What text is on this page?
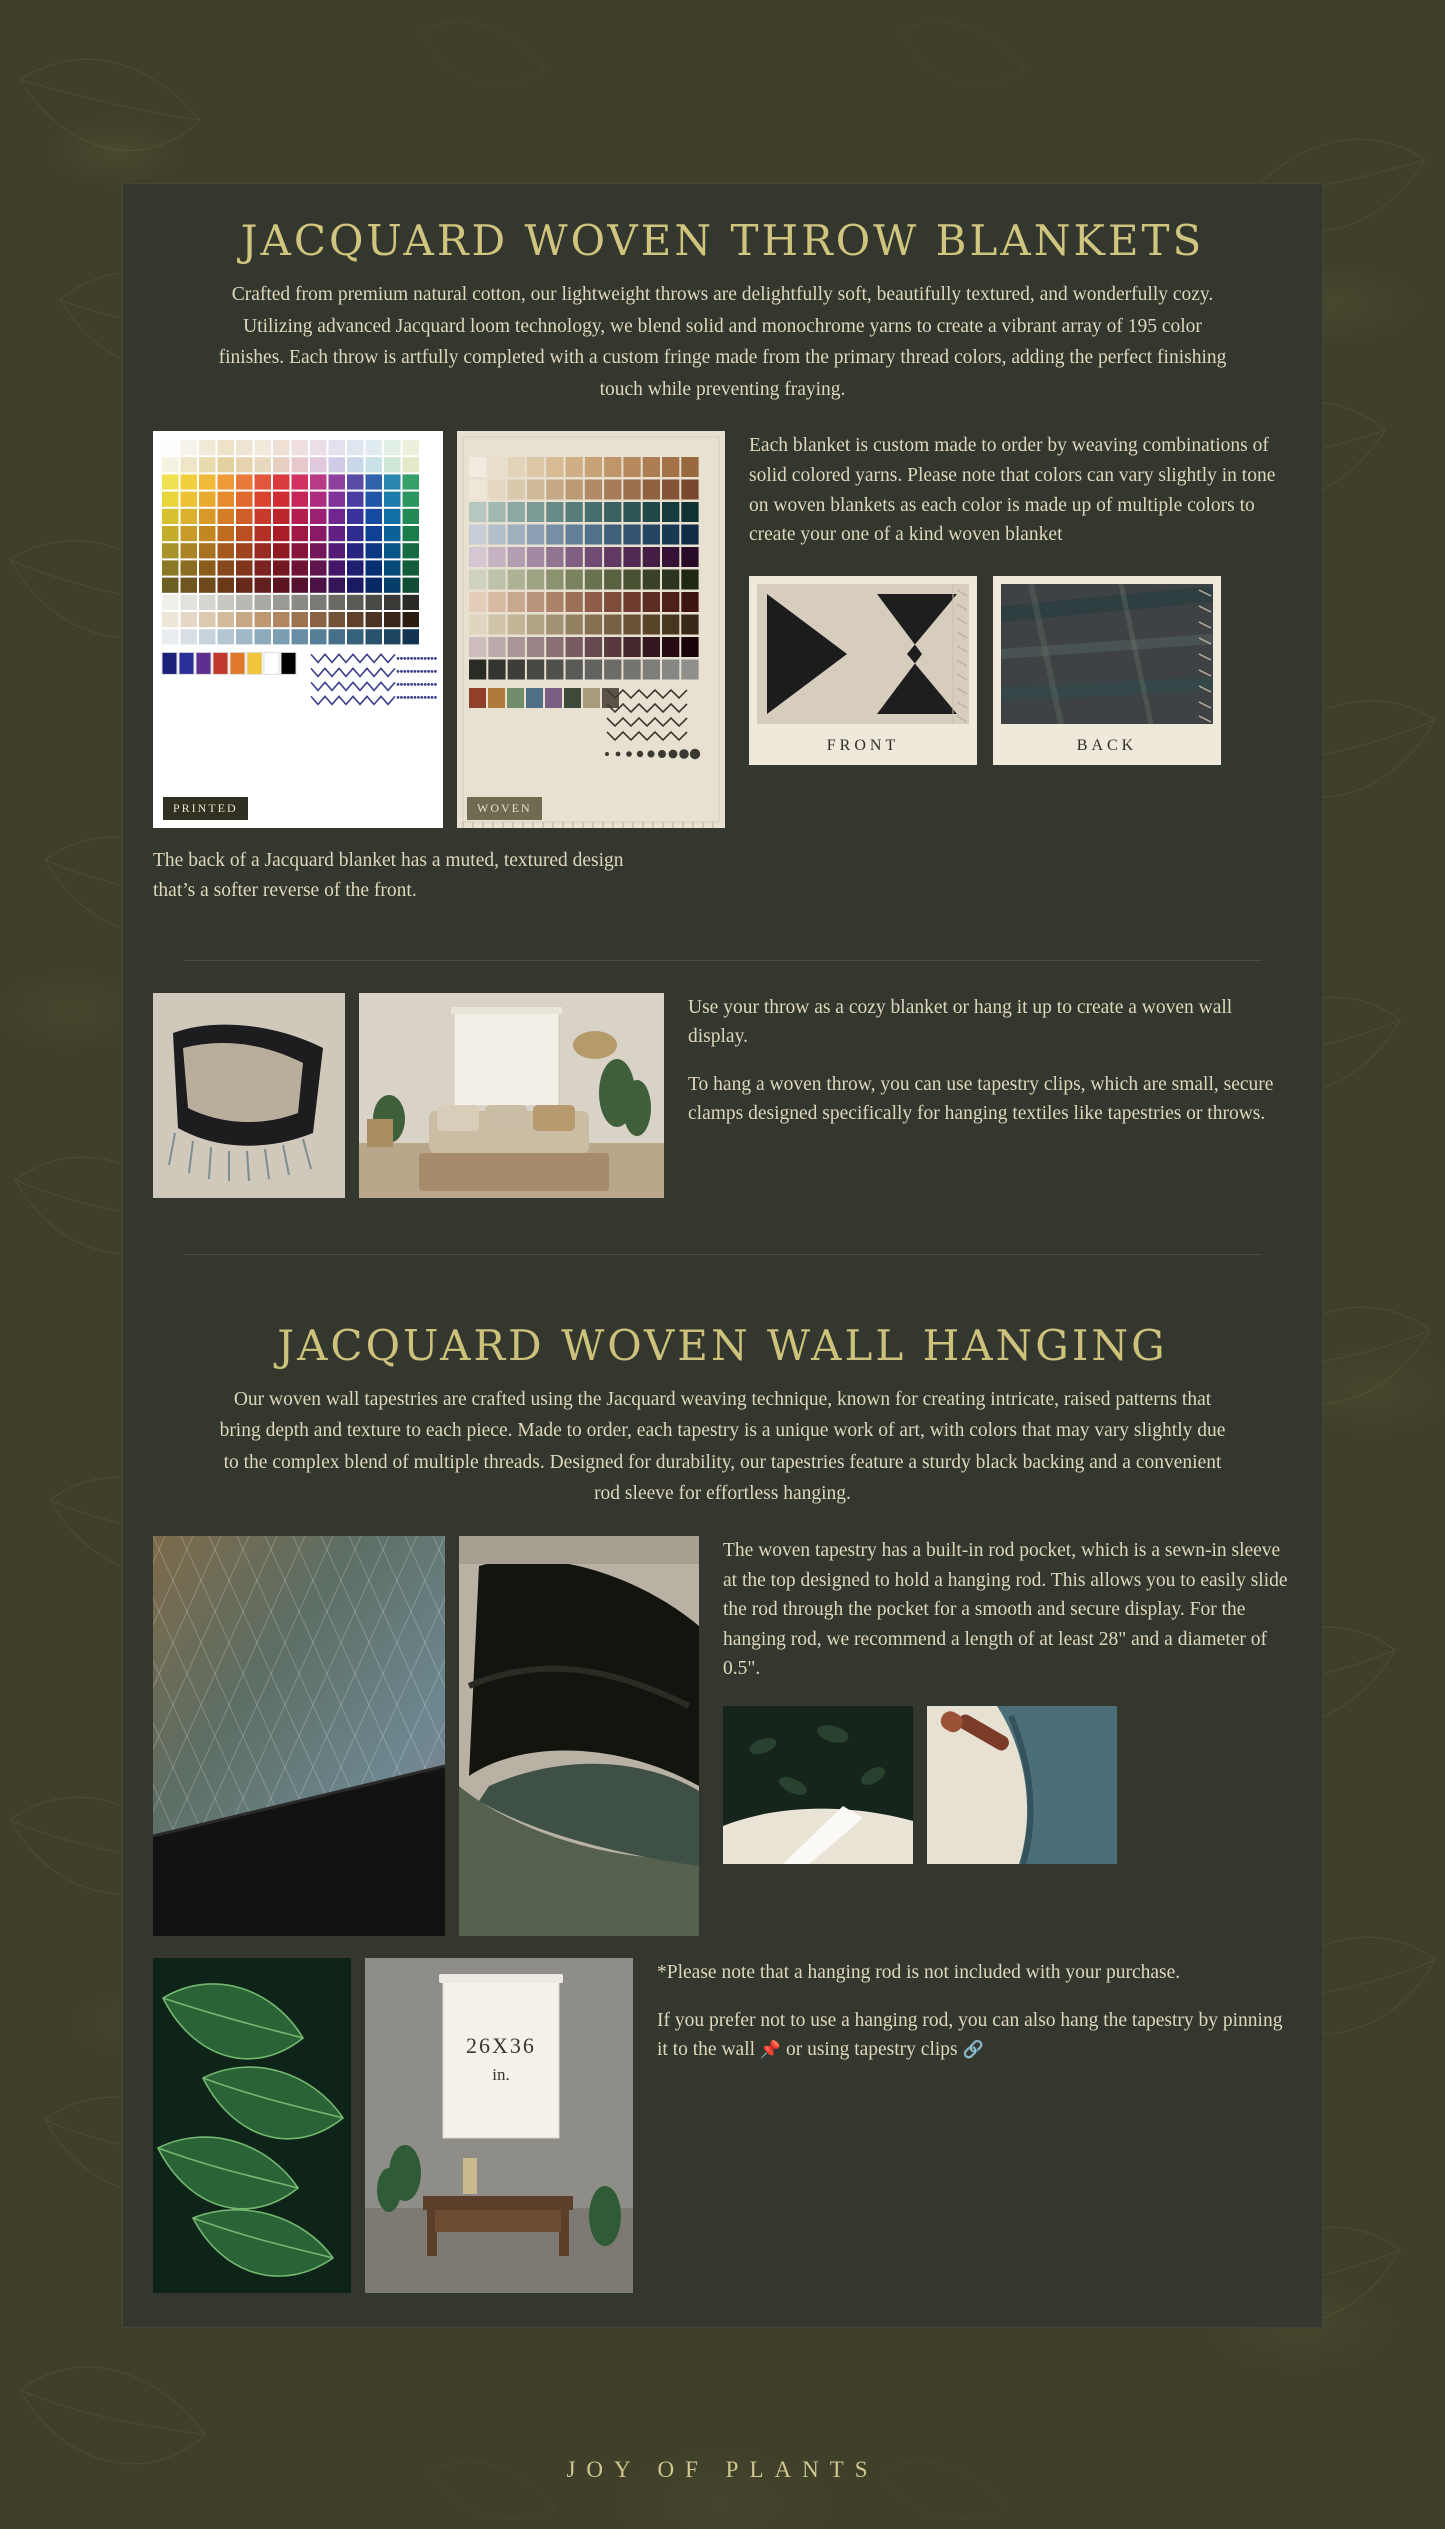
JACQUARD WOVEN THROW BLANKETS
Crafted from premium natural cotton, our lightweight throws are delightfully soft, beautifully textured, and wonderfully cozy. Utilizing advanced Jacquard loom technology, we blend solid and monochrome yarns to create a vibrant array of 195 color finishes. Each throw is artfully completed with a custom fringe made from the primary thread colors, adding the perfect finishing touch while preventing fraying.
PRINTED	WOVEN
Each blanket is custom made to order by weaving combinations of solid colored yarns. Please note that colors can vary slightly in tone on woven blankets as each color is made up of multiple colors to create your one of a kind woven blanket
FRONT	BACK
The back of a Jacquard blanket has a muted, textured design that’s a softer reverse of the front.
Use your throw as a cozy blanket or hang it up to create a woven wall display.
To hang a woven throw, you can use tapestry clips, which are small, secure clamps designed specifically for hanging textiles like tapestries or throws.
JACQUARD WOVEN WALL HANGING
Our woven wall tapestries are crafted using the Jacquard weaving technique, known for creating intricate, raised patterns that bring depth and texture to each piece. Made to order, each tapestry is a unique work of art, with colors that may vary slightly due to the complex blend of multiple threads. Designed for durability, our tapestries feature a sturdy black backing and a convenient rod sleeve for effortless hanging.
The woven tapestry has a built-in rod pocket, which is a sewn-in sleeve at the top designed to hold a hanging rod. This allows you to easily slide the rod through the pocket for a smooth and secure display. For the hanging rod, we recommend a length of at least 28" and a diameter of 0.5".
26X36
in.
*Please note that a hanging rod is not included with your purchase.
If you prefer not to use a hanging rod, you can also hang the tapestry by pinning it to the wall 📌 or using tapestry clips 🔗
JOY OF PLANTS
